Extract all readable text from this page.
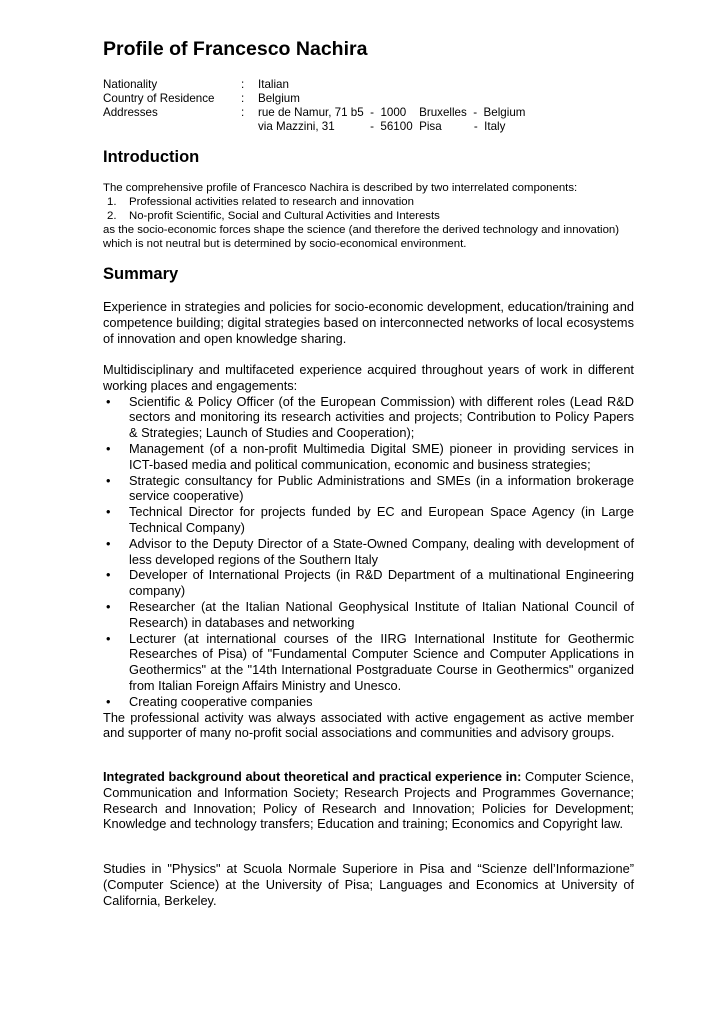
Profile of Francesco Nachira
Nationality	: Italian
Country of Residence : Belgium
Addresses	: rue de Namur, 71 b5  -  1000    Bruxelles  -  Belgium
via Mazzini, 31           -  56100  Pisa          -  Italy
Introduction

The comprehensive profile of Francesco Nachira is described by two interrelated components:

1. Professional activities related to research and innovation
2. No-profit Scientific, Social and Cultural Activities and Interests

as the socio-economic forces shape the science (and therefore the derived technology and innovation) which is not neutral but is determined by socio-economical environment.

Summary

Experience in strategies and policies for socio-economic development, education/training and competence building; digital strategies based on interconnected networks of local ecosystems of innovation and open knowledge sharing.

Multidisciplinary and multifaceted experience acquired throughout years of work in different working places and engagements:

• Scientific & Policy Officer (of the European Commission) with different roles (Lead R&D sectors and monitoring its research activities and projects; Contribution to Policy Papers & Strategies; Launch of Studies and Cooperation);
• Management (of a non-profit Multimedia Digital SME) pioneer in providing services in ICT-based media and political communication, economic and business strategies;
• Strategic consultancy for Public Administrations and SMEs (in a information brokerage service cooperative)
• Technical Director for projects funded by EC and European Space Agency (in Large Technical Company)
• Advisor to the Deputy Director of a State-Owned Company, dealing with development of less developed regions of the Southern Italy
• Developer of International Projects (in R&D Department of a multinational Engineering company)
• Researcher (at the Italian National Geophysical Institute of Italian National Council of Research) in databases and networking
• Lecturer (at international courses of the IIRG International Institute for Geothermic Researches of Pisa) of "Fundamental Computer Science and Computer Applications in Geothermics" at the "14th International Postgraduate Course in Geothermics" organized from Italian Foreign Affairs Ministry and Unesco.
• Creating cooperative companies

The professional activity was always associated with active engagement as active member and supporter of many no-profit social associations and communities and advisory groups.

Integrated background about theoretical and practical experience in: Computer Science, Communication and Information Society; Research Projects and Programmes Governance; Research and Innovation; Policy of Research and Innovation; Policies for Development; Knowledge and technology transfers; Education and training; Economics and Copyright law.

Studies in "Physics" at Scuola Normale Superiore in Pisa and “Scienze dell’Informazione” (Computer Science) at the University of Pisa; Languages and Economics at University of California, Berkeley.
